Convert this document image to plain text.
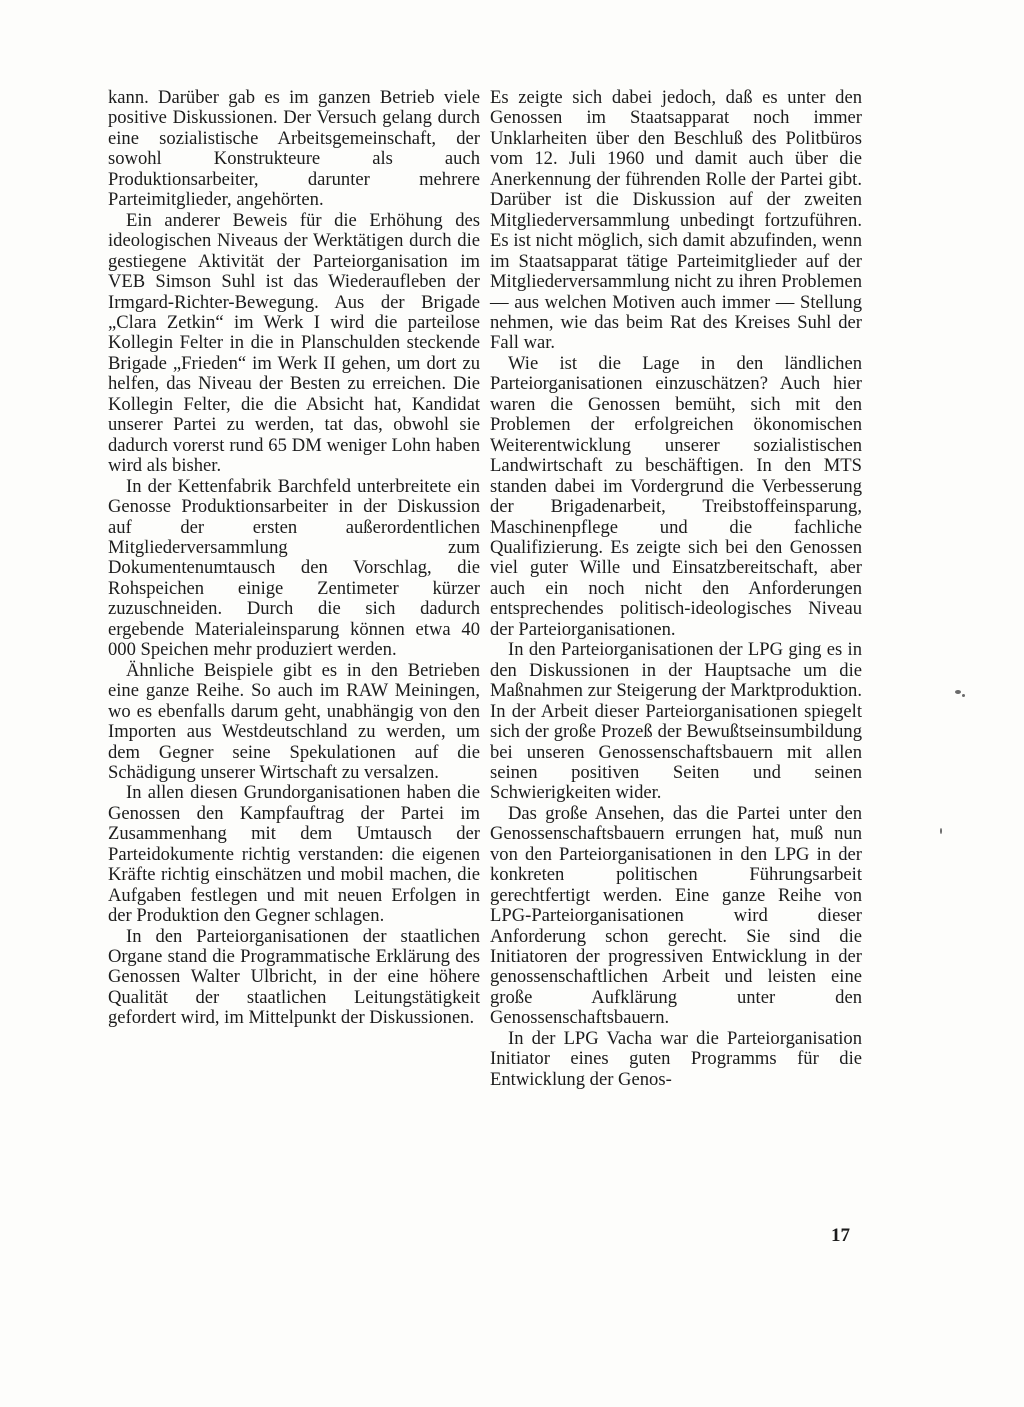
kann. Darüber gab es im ganzen Betrieb viele positive Diskussionen. Der Versuch gelang durch eine sozialistische Arbeitsgemeinschaft, der sowohl Konstrukteure als auch Produktionsarbeiter, darunter mehrere Parteimitglieder, angehörten.

Ein anderer Beweis für die Erhöhung des ideologischen Niveaus der Werktätigen durch die gestiegene Aktivität der Parteiorganisation im VEB Simson Suhl ist das Wiederaufleben der Irmgard-Richter-Bewegung. Aus der Brigade „Clara Zetkin“ im Werk I wird die parteilose Kollegin Felter in die in Planschulden steckende Brigade „Frieden“ im Werk II gehen, um dort zu helfen, das Niveau der Besten zu erreichen. Die Kollegin Felter, die die Absicht hat, Kandidat unserer Partei zu werden, tat das, obwohl sie dadurch vorerst rund 65 DM weniger Lohn haben wird als bisher.

In der Kettenfabrik Barchfeld unterbreitete ein Genosse Produktionsarbeiter in der Diskussion auf der ersten außerordentlichen Mitgliederversammlung zum Dokumentenumtausch den Vorschlag, die Rohspeichen einige Zentimeter kürzer zuzuschneiden. Durch die sich dadurch ergebende Materialeinsparung können etwa 40 000 Speichen mehr produziert werden.

Ähnliche Beispiele gibt es in den Betrieben eine ganze Reihe. So auch im RAW Meiningen, wo es ebenfalls darum geht, unabhängig von den Importen aus Westdeutschland zu werden, um dem Gegner seine Spekulationen auf die Schädigung unserer Wirtschaft zu versalzen.

In allen diesen Grundorganisationen haben die Genossen den Kampfauftrag der Partei im Zusammenhang mit dem Umtausch der Parteidokumente richtig verstanden: die eigenen Kräfte richtig einschätzen und mobil machen, die Aufgaben festlegen und mit neuen Erfolgen in der Produktion den Gegner schlagen.

In den Parteiorganisationen der staatlichen Organe stand die Programmatische Erklärung des Genossen Walter Ulbricht, in der eine höhere Qualität der staatlichen Leitungstätigkeit gefordert wird, im Mittelpunkt der Diskussionen.

Es zeigte sich dabei jedoch, daß es unter den Genossen im Staatsapparat noch immer Unklarheiten über den Beschluß des Politbüros vom 12. Juli 1960 und damit auch über die Anerkennung der führenden Rolle der Partei gibt. Darüber ist die Diskussion auf der zweiten Mitgliederversammlung unbedingt fortzuführen. Es ist nicht möglich, sich damit abzufinden, wenn im Staatsapparat tätige Parteimitglieder auf der Mitgliederversammlung nicht zu ihren Problemen — aus welchen Motiven auch immer — Stellung nehmen, wie das beim Rat des Kreises Suhl der Fall war.

Wie ist die Lage in den ländlichen Parteiorganisationen einzuschätzen? Auch hier waren die Genossen bemüht, sich mit den Problemen der erfolgreichen ökonomischen Weiterentwicklung unserer sozialistischen Landwirtschaft zu beschäftigen. In den MTS standen dabei im Vordergrund die Verbesserung der Brigadenarbeit, Treibstoffeinsparung, Maschinenpflege und die fachliche Qualifizierung. Es zeigte sich bei den Genossen viel guter Wille und Einsatzbereitschaft, aber auch ein noch nicht den Anforderungen entsprechendes politisch-ideologisches Niveau der Parteiorganisationen.

In den Parteiorganisationen der LPG ging es in den Diskussionen in der Hauptsache um die Maßnahmen zur Steigerung der Marktproduktion. In der Arbeit dieser Parteiorganisationen spiegelt sich der große Prozeß der Bewußtseinsumbildung bei unseren Genossenschaftsbauern mit allen seinen positiven Seiten und seinen Schwierigkeiten wider.

Das große Ansehen, das die Partei unter den Genossenschaftsbauern errungen hat, muß nun von den Parteiorganisationen in den LPG in der konkreten politischen Führungsarbeit gerechtfertigt werden. Eine ganze Reihe von LPG-Parteiorganisationen wird dieser Anforderung schon gerecht. Sie sind die Initiatoren der progressiven Entwicklung in der genossenschaftlichen Arbeit und leisten eine große Aufklärung unter den Genossenschaftsbauern.

In der LPG Vacha war die Parteiorganisation Initiator eines guten Programms für die Entwicklung der Genos-

17
